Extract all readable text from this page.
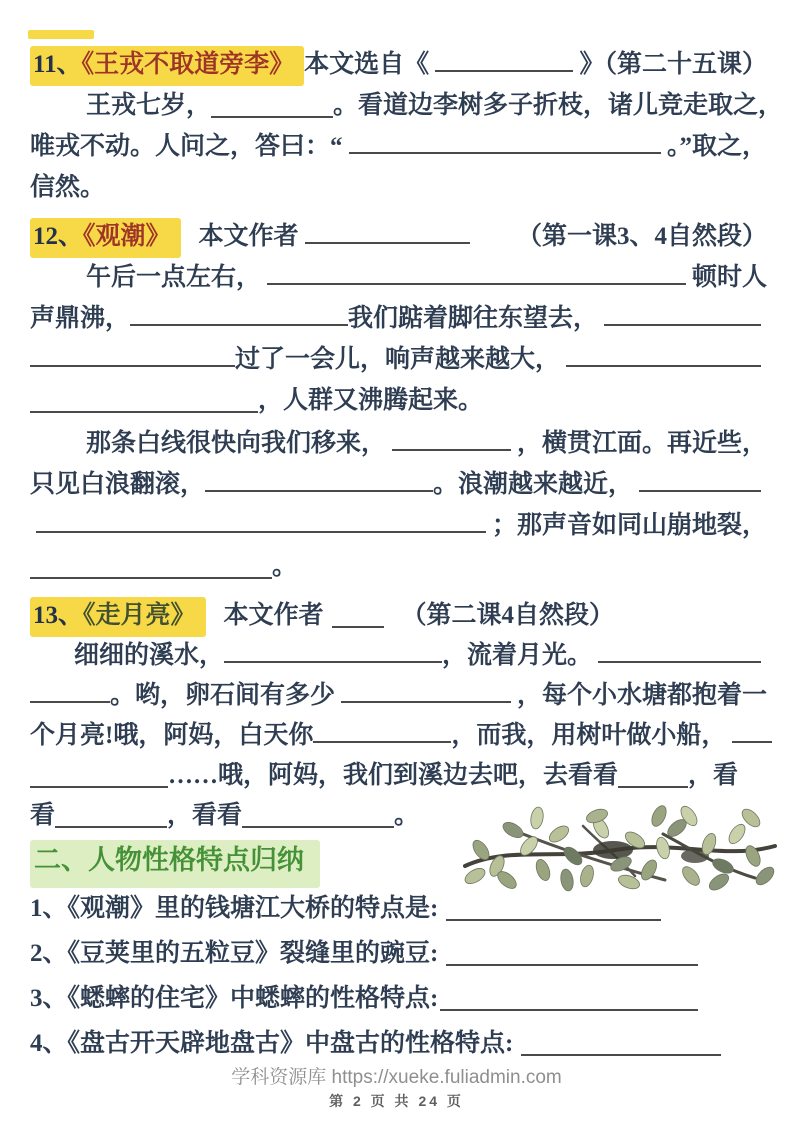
11、《王戎不取道旁李》 本文选自《	》（第二十五课）
王戎七岁，	。看道边李树多子折枝，诸儿竞走取之，
唯戎不动。人问之，答曰：“	。”取之，
信然。
12、《观潮》	本文作者	（第一课3、4自然段）
午后一点左右，	顿时人
声鼎沸，	我们踮着脚往东望去，
过了一会儿，响声越来越大，
，人群又沸腾起来。
那条白线很快向我们移来，	，横贯江面。再近些，
只见白浪翻滚，	。浪潮越来越近，
；那声音如同山崩地裂，
。
13、《走月亮》 本文作者	（第二课4自然段）
细细的溪水，	，流着月光。
。哟，卵石间有多少	，每个小水塘都抱着一
个月亮!哦，阿妈，白天你	，而我，用树叶做小船，
……哦，阿妈，我们到溪边去吧，去看看	，看
看	，看看	。
二、人物性格特点归纳
1、《观潮》里的钱塘江大桥的特点是:
2、《豆荚里的五粒豆》裂缝里的豌豆:
3、《蟋蟀的住宅》中蟋蟀的性格特点:
4、《盘古开天辟地盘古》中盘古的性格特点:
学科资源库 https://xueke.fuliadmin.com
第 2 页 共 24 页
